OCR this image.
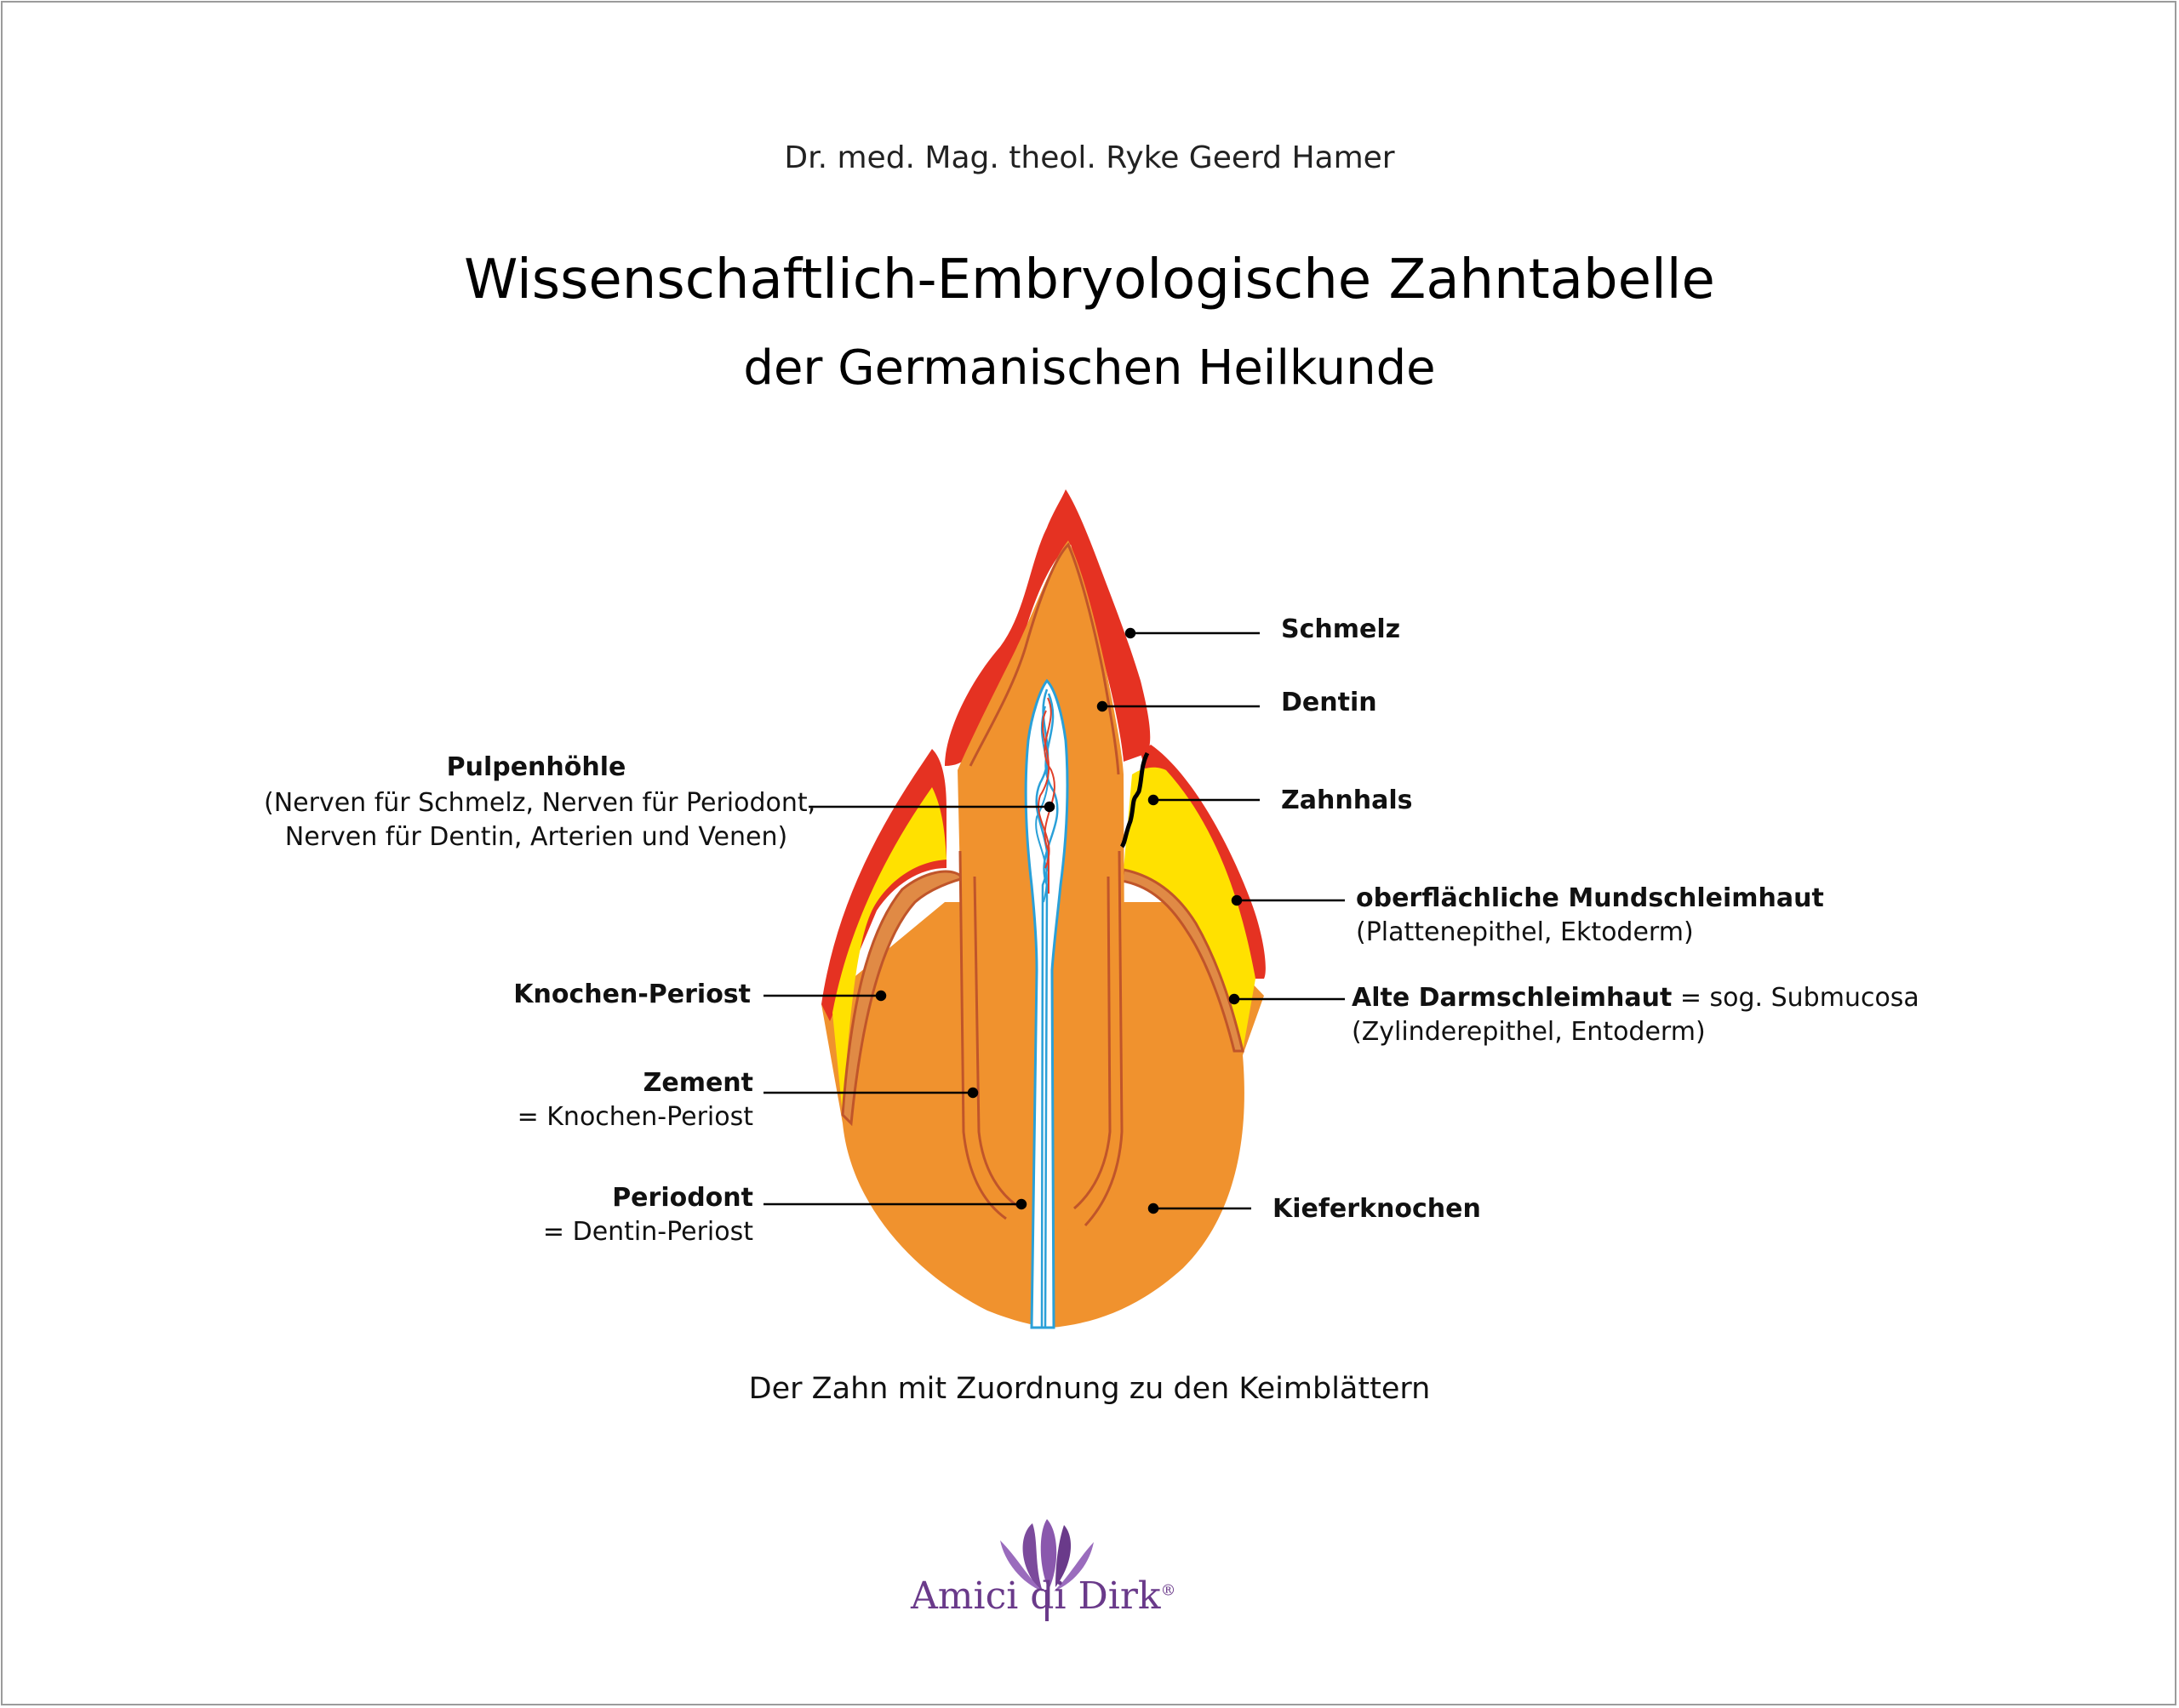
Dr. med. Mag. theol. Ryke Geerd Hamer
Wissenschaftlich-Embryologische Zahntabelle
der Germanischen Heilkunde
Schmelz
Dentin
Zahnhals
oberflächliche Mundschleimhaut
(Plattenepithel, Ektoderm)
Alte Darmschleimhaut = sog. Submucosa
(Zylinderepithel, Entoderm)
Kieferknochen
Pulpenhöhle
(Nerven für Schmelz, Nerven für Periodont,
Nerven für Dentin, Arterien und Venen)
Knochen-Periost
Zement
= Knochen-Periost
Periodont
= Dentin-Periost
Der Zahn mit Zuordnung zu den Keimblättern
Amici di Dirk®
